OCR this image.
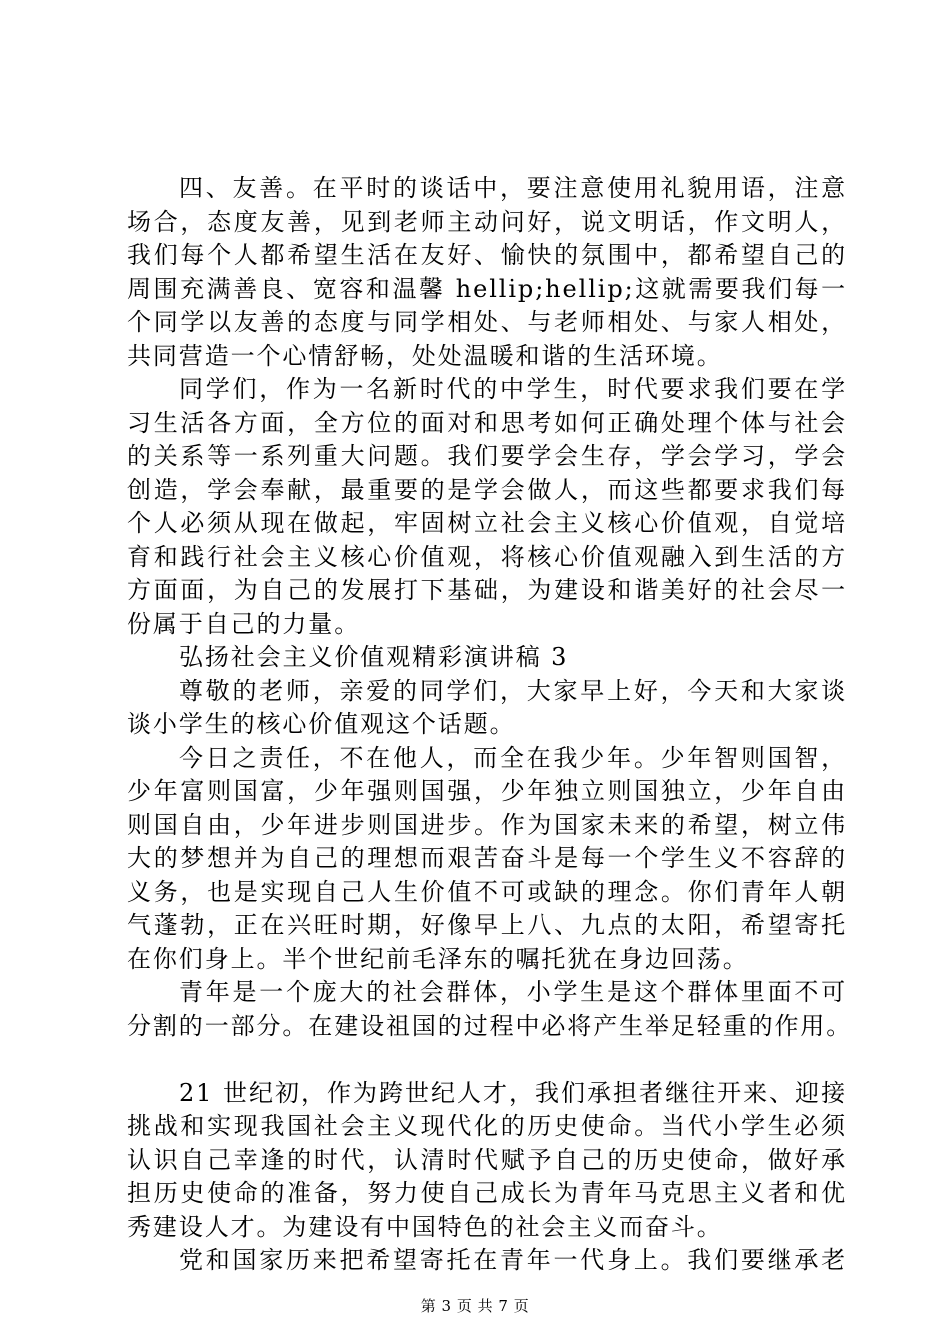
四、友善。在平时的谈话中，要注意使用礼貌用语，注意
场合，态度友善，见到老师主动问好，说文明话，作文明人，
我们每个人都希望生活在友好、愉快的氛围中，都希望自己的
周围充满善良、宽容和温馨 hellip;hellip;这就需要我们每一
个同学以友善的态度与同学相处、与老师相处、与家人相处，
共同营造一个心情舒畅，处处温暖和谐的生活环境。
同学们，作为一名新时代的中学生，时代要求我们要在学
习生活各方面，全方位的面对和思考如何正确处理个体与社会
的关系等一系列重大问题。我们要学会生存，学会学习，学会
创造，学会奉献，最重要的是学会做人，而这些都要求我们每
个人必须从现在做起，牢固树立社会主义核心价值观，自觉培
育和践行社会主义核心价值观，将核心价值观融入到生活的方
方面面，为自己的发展打下基础，为建设和谐美好的社会尽一
份属于自己的力量。
弘扬社会主义价值观精彩演讲稿 3
尊敬的老师，亲爱的同学们，大家早上好，今天和大家谈
谈小学生的核心价值观这个话题。
今日之责任，不在他人，而全在我少年。少年智则国智，
少年富则国富，少年强则国强，少年独立则国独立，少年自由
则国自由，少年进步则国进步。作为国家未来的希望，树立伟
大的梦想并为自己的理想而艰苦奋斗是每一个学生义不容辞的
义务，也是实现自己人生价值不可或缺的理念。你们青年人朝
气蓬勃，正在兴旺时期，好像早上八、九点的太阳，希望寄托
在你们身上。半个世纪前毛泽东的嘱托犹在身边回荡。
青年是一个庞大的社会群体，小学生是这个群体里面不可
分割的一部分。在建设祖国的过程中必将产生举足轻重的作用。
21 世纪初，作为跨世纪人才，我们承担者继往开来、迎接
挑战和实现我国社会主义现代化的历史使命。当代小学生必须
认识自己幸逢的时代，认清时代赋予自己的历史使命，做好承
担历史使命的准备，努力使自己成长为青年马克思主义者和优
秀建设人才。为建设有中国特色的社会主义而奋斗。
党和国家历来把希望寄托在青年一代身上。我们要继承老
第 3 页 共 7 页
